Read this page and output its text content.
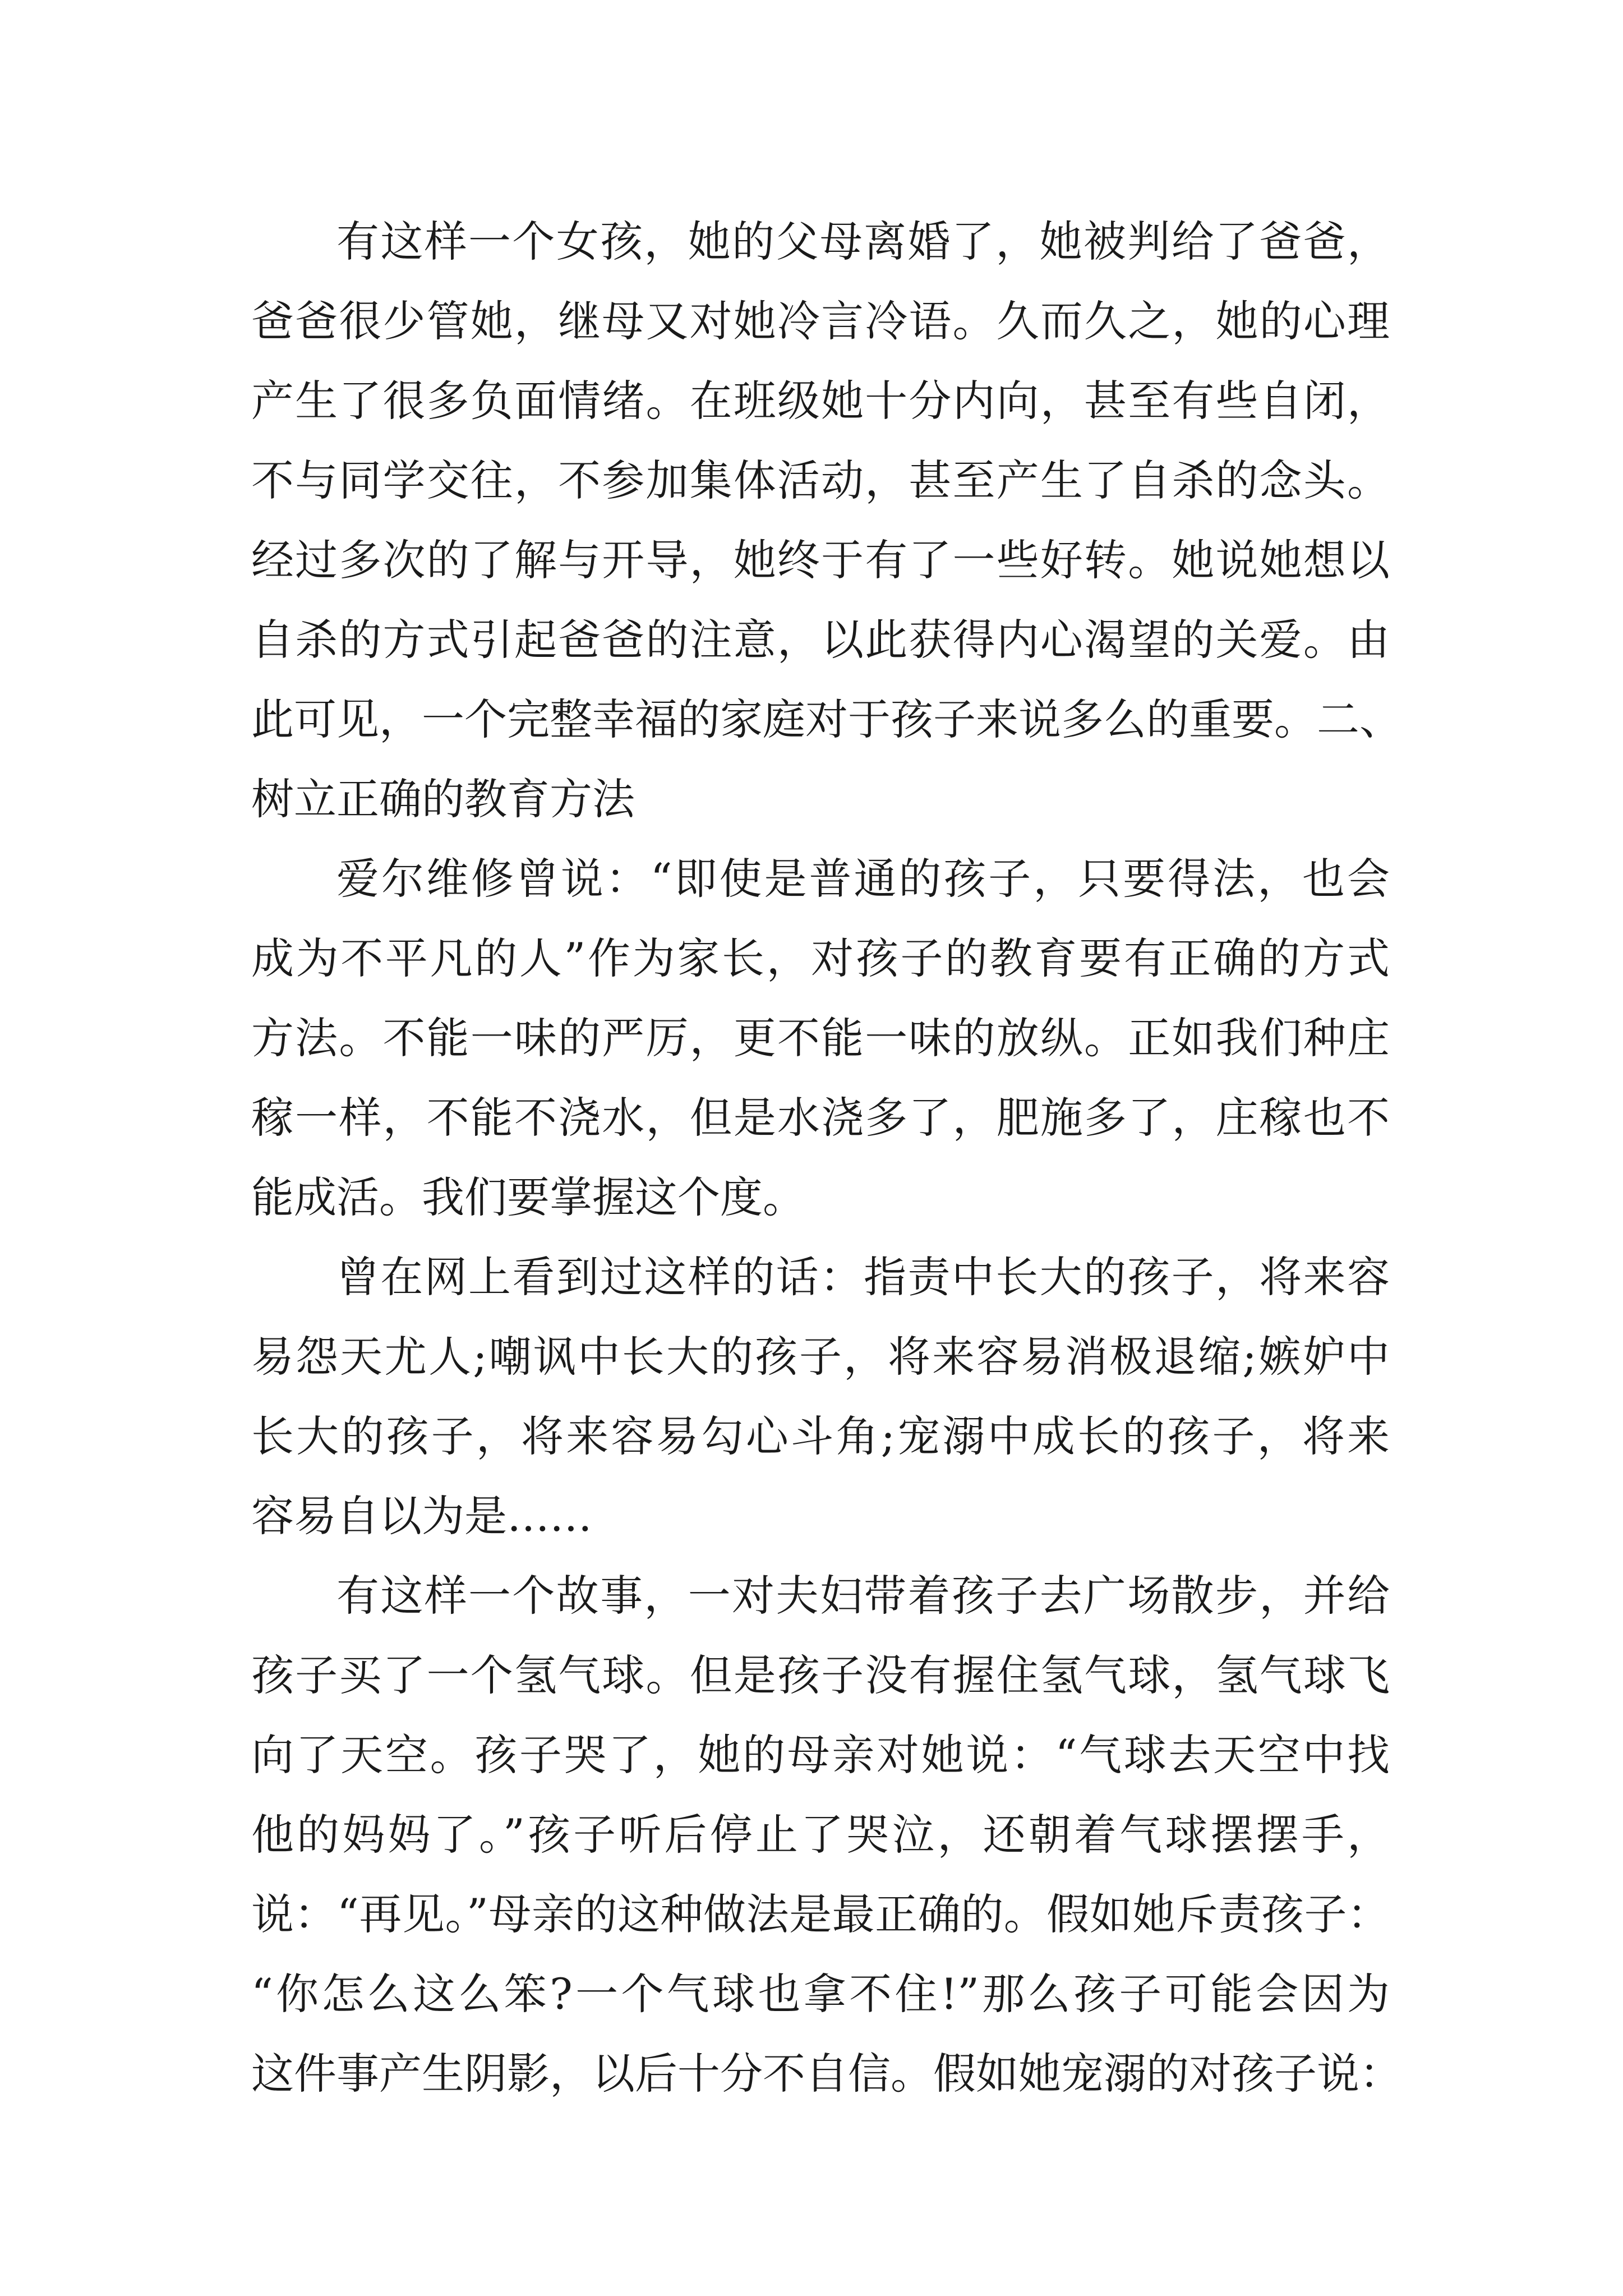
有这样一个女孩，她的父母离婚了，她被判给了爸爸，
爸爸很少管她，继母又对她冷言冷语。久而久之，她的心理
产生了很多负面情绪。在班级她十分内向，甚至有些自闭，
不与同学交往，不参加集体活动，甚至产生了自杀的念头。
经过多次的了解与开导，她终于有了一些好转。她说她想以
自杀的方式引起爸爸的注意，以此获得内心渴望的关爱。由
此可见，一个完整幸福的家庭对于孩子来说多么的重要。二、
树立正确的教育方法
爱尔维修曾说：“即使是普通的孩子，只要得法，也会
成为不平凡的人”作为家长，对孩子的教育要有正确的方式
方法。不能一味的严厉，更不能一味的放纵。正如我们种庄
稼一样，不能不浇水，但是水浇多了，肥施多了，庄稼也不
能成活。我们要掌握这个度。
曾在网上看到过这样的话：指责中长大的孩子，将来容
易怨天尤人;嘲讽中长大的孩子，将来容易消极退缩;嫉妒中
长大的孩子，将来容易勾心斗角;宠溺中成长的孩子，将来
容易自以为是……
有这样一个故事，一对夫妇带着孩子去广场散步，并给
孩子买了一个氢气球。但是孩子没有握住氢气球，氢气球飞
向了天空。孩子哭了，她的母亲对她说：“气球去天空中找
他的妈妈了。”孩子听后停止了哭泣，还朝着气球摆摆手，
说：“再见。”母亲的这种做法是最正确的。假如她斥责孩子：
“你怎么这么笨?一个气球也拿不住!”那么孩子可能会因为
这件事产生阴影，以后十分不自信。假如她宠溺的对孩子说：
